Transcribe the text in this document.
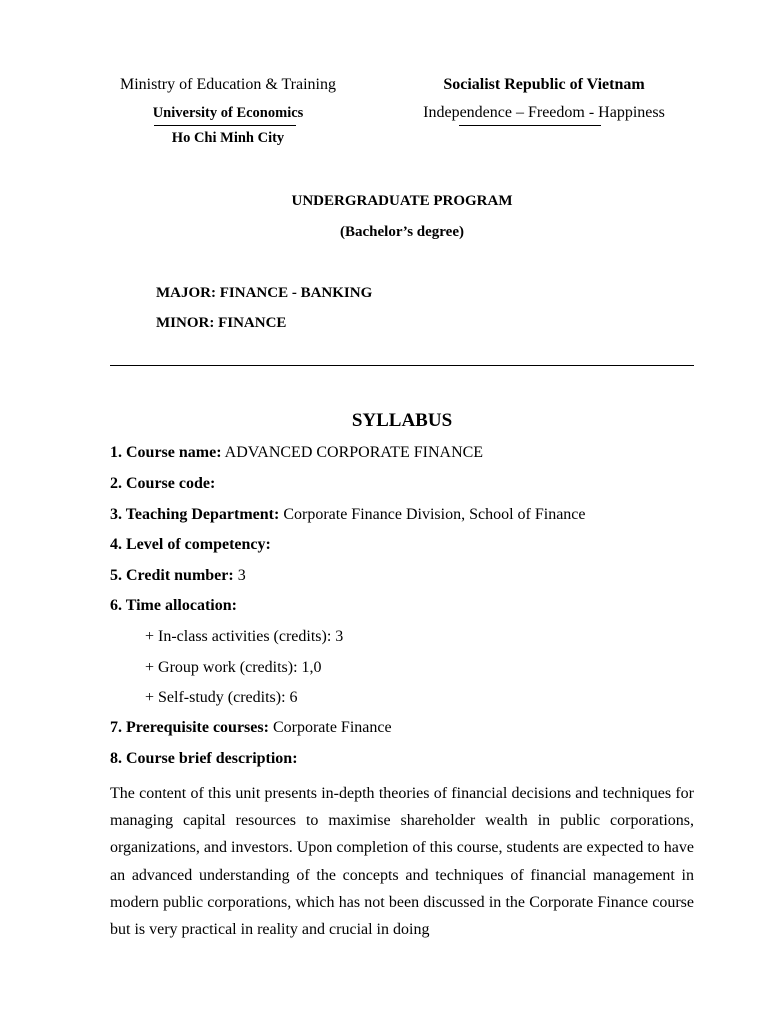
Ministry of Education & Training
University of Economics
Ho Chi Minh City
Socialist Republic of Vietnam
Independence – Freedom - Happiness
UNDERGRADUATE PROGRAM
(Bachelor’s degree)
MAJOR: FINANCE - BANKING
MINOR: FINANCE
SYLLABUS
1. Course name: ADVANCED CORPORATE FINANCE
2. Course code:
3. Teaching Department: Corporate Finance Division, School of Finance
4. Level of competency:
5. Credit number: 3
6. Time allocation:
+ In-class activities (credits): 3
+ Group work (credits): 1,0
+ Self-study (credits): 6
7. Prerequisite courses: Corporate Finance
8. Course brief description:

The content of this unit presents in-depth theories of financial decisions and techniques for managing capital resources to maximise shareholder wealth in public corporations, organizations, and investors. Upon completion of this course, students are expected to have an advanced understanding of the concepts and techniques of financial management in modern public corporations, which has not been discussed in the Corporate Finance course but is very practical in reality and crucial in doing
